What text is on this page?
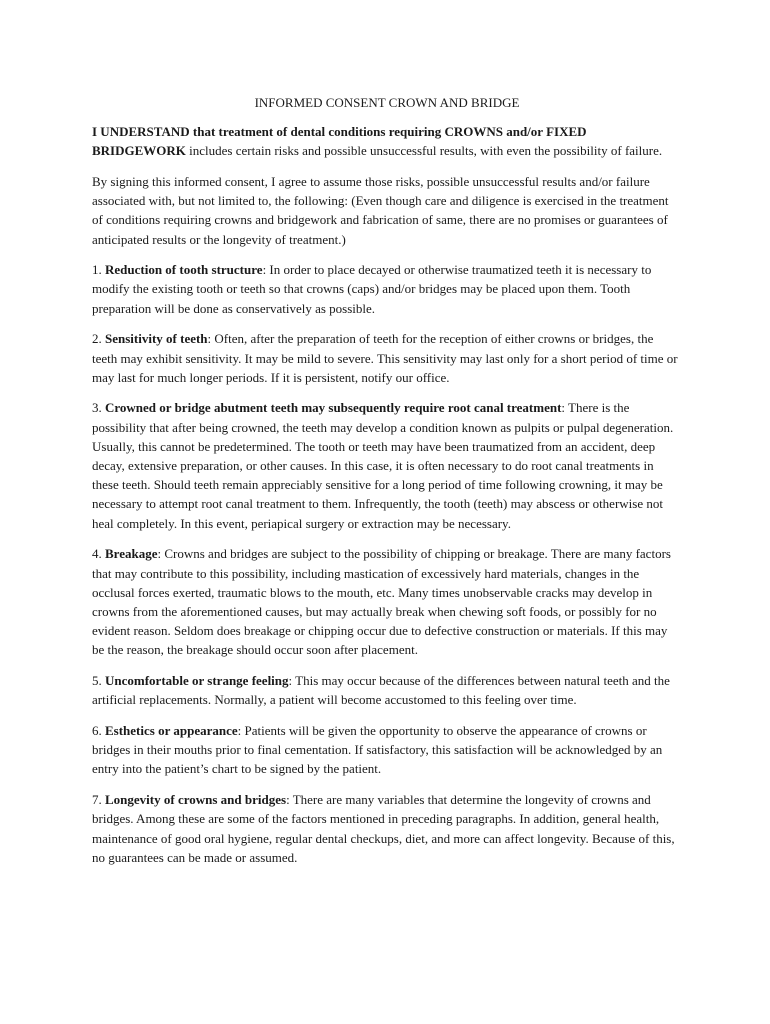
INFORMED CONSENT CROWN AND BRIDGE

I UNDERSTAND that treatment of dental conditions requiring CROWNS and/or FIXED BRIDGEWORK includes certain risks and possible unsuccessful results, with even the possibility of failure.

By signing this informed consent, I agree to assume those risks, possible unsuccessful results and/or failure associated with, but not limited to, the following: (Even though care and diligence is exercised in the treatment of conditions requiring crowns and bridgework and fabrication of same, there are no promises or guarantees of anticipated results or the longevity of treatment.)

1. Reduction of tooth structure: In order to place decayed or otherwise traumatized teeth it is necessary to modify the existing tooth or teeth so that crowns (caps) and/or bridges may be placed upon them. Tooth preparation will be done as conservatively as possible.

2. Sensitivity of teeth: Often, after the preparation of teeth for the reception of either crowns or bridges, the teeth may exhibit sensitivity. It may be mild to severe. This sensitivity may last only for a short period of time or may last for much longer periods. If it is persistent, notify our office.

3. Crowned or bridge abutment teeth may subsequently require root canal treatment: There is the possibility that after being crowned, the teeth may develop a condition known as pulpits or pulpal degeneration. Usually, this cannot be predetermined. The tooth or teeth may have been traumatized from an accident, deep decay, extensive preparation, or other causes. In this case, it is often necessary to do root canal treatments in these teeth. Should teeth remain appreciably sensitive for a long period of time following crowning, it may be necessary to attempt root canal treatment to them. Infrequently, the tooth (teeth) may abscess or otherwise not heal completely. In this event, periapical surgery or extraction may be necessary.

4. Breakage: Crowns and bridges are subject to the possibility of chipping or breakage. There are many factors that may contribute to this possibility, including mastication of excessively hard materials, changes in the occlusal forces exerted, traumatic blows to the mouth, etc. Many times unobservable cracks may develop in crowns from the aforementioned causes, but may actually break when chewing soft foods, or possibly for no evident reason. Seldom does breakage or chipping occur due to defective construction or materials. If this may be the reason, the breakage should occur soon after placement.

5. Uncomfortable or strange feeling: This may occur because of the differences between natural teeth and the artificial replacements. Normally, a patient will become accustomed to this feeling over time.

6. Esthetics or appearance: Patients will be given the opportunity to observe the appearance of crowns or bridges in their mouths prior to final cementation. If satisfactory, this satisfaction will be acknowledged by an entry into the patient’s chart to be signed by the patient.

7. Longevity of crowns and bridges: There are many variables that determine the longevity of crowns and bridges. Among these are some of the factors mentioned in preceding paragraphs. In addition, general health, maintenance of good oral hygiene, regular dental checkups, diet, and more can affect longevity. Because of this, no guarantees can be made or assumed.
